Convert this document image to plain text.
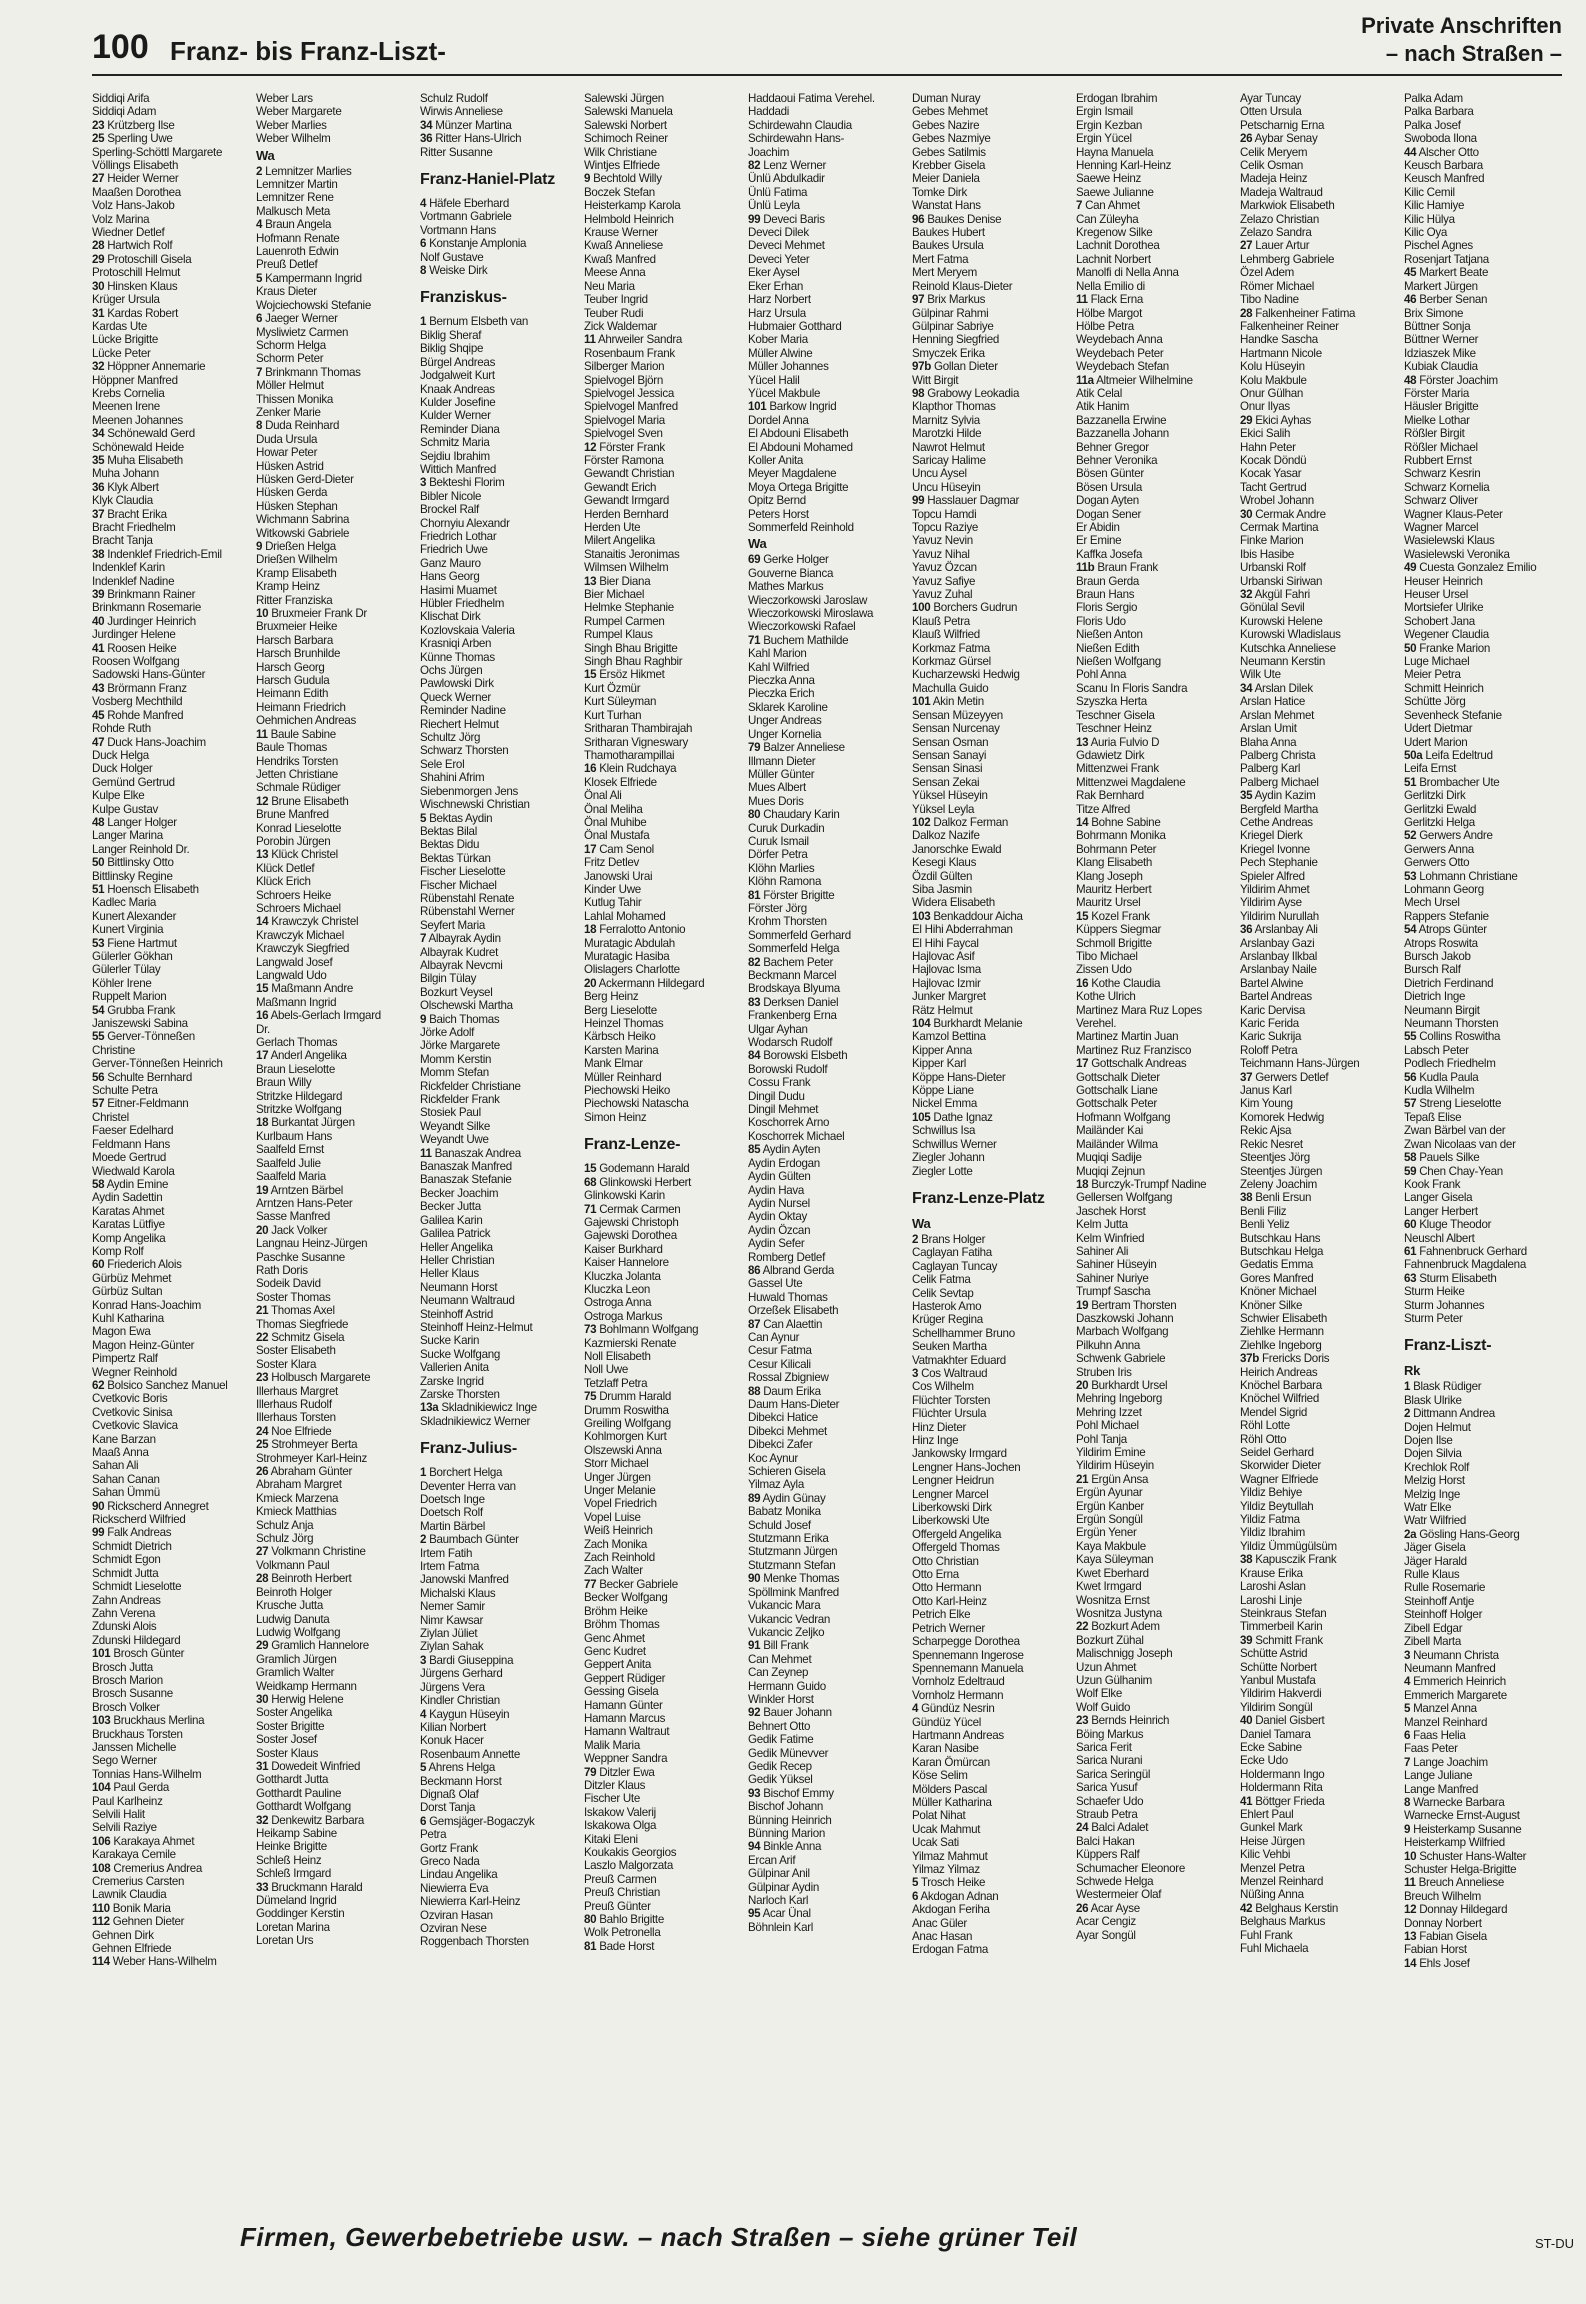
100 Franz- bis Franz-Liszt-
Private Anschriften
– nach Straßen –
Siddiqi Arifa
Siddiqi Adam
23 Krützberg Ilse
25 Sperling Uwe
Sperling-Schöttl Margarete
Völlings Elisabeth
27 Heider Werner
Maaßen Dorothea
Volz Hans-Jakob
Volz Marina
Wiedner Detlef
28 Hartwich Rolf
29 Protoschill Gisela
Protoschill Helmut
30 Hinsken Klaus
Krüger Ursula
31 Kardas Robert
Kardas Ute
Lücke Brigitte
Lücke Peter
32 Höppner Annemarie
Höppner Manfred
Krebs Cornelia
Meenen Irene
Meenen Johannes
34 Schönewald Gerd
Schönewald Heide
35 Muha Elisabeth
Muha Johann
36 Klyk Albert
Klyk Claudia
37 Bracht Erika
Bracht Friedhelm
Bracht Tanja
38 Indenklef Friedrich-Emil
Indenklef Karin
Indenklef Nadine
39 Brinkmann Rainer
Brinkmann Rosemarie
40 Jurdinger Heinrich
Jurdinger Helene
41 Roosen Heike
Roosen Wolfgang
Sadowski Hans-Günter
43 Brörmann Franz
Vosberg Mechthild
45 Rohde Manfred
Rohde Ruth
47 Duck Hans-Joachim
Duck Helga
Duck Holger
Gemünd Gertrud
Kulpe Elke
Kulpe Gustav
48 Langer Holger
Langer Marina
Langer Reinhold Dr.
50 Bittlinsky Otto
Bittlinsky Regine
51 Hoensch Elisabeth
Kadlec Maria
Kunert Alexander
Kunert Virginia
53 Fiene Hartmut
Gülerler Gökhan
Gülerler Tülay
Köhler Irene
Ruppelt Marion
54 Grubba Frank
Janiszewski Sabina
55 Gerver-Tönneßen
Christine
Gerver-Tönneßen Heinrich
56 Schulte Bernhard
Schulte Petra
57 Eitner-Feldmann
Christel
Faeser Edelhard
Feldmann Hans
Moede Gertrud
Wiedwald Karola
58 Aydin Emine
Aydin Sadettin
Karatas Ahmet
Karatas Lütfiye
Komp Angelika
Komp Rolf
60 Friederich Alois
Gürbüz Mehmet
Gürbüz Sultan
Konrad Hans-Joachim
Kuhl Katharina
Magon Ewa
Magon Heinz-Günter
Pimpertz Ralf
Wegner Reinhold
62 Bolsico Sanchez Manuel
Cvetkovic Boris
Cvetkovic Sinisa
Cvetkovic Slavica
Kane Barzan
Maaß Anna
Sahan Ali
Sahan Canan
Sahan Ümmü
90 Rickscherd Annegret
Rickscherd Wilfried
99 Falk Andreas
Schmidt Dietrich
Schmidt Egon
Schmidt Jutta
Schmidt Lieselotte
Zahn Andreas
Zahn Verena
Zdunski Alois
Zdunski Hildegard
101 Brosch Günter
Brosch Jutta
Brosch Marion
Brosch Susanne
Brosch Volker
103 Bruckhaus Merlina
Bruckhaus Torsten
Janssen Michelle
Sego Werner
Tonnias Hans-Wilhelm
104 Paul Gerda
Paul Karlheinz
Selvili Halit
Selvili Raziye
106 Karakaya Ahmet
Karakaya Cemile
108 Cremerius Andrea
Cremerius Carsten
Lawnik Claudia
110 Bonik Maria
112 Gehnen Dieter
Gehnen Dirk
Gehnen Elfriede
114 Weber Hans-Wilhelm
Weber Lars
Weber Margarete
Weber Marlies
Weber Wilhelm
Wa
2 Lemnitzer Marlies
Lemnitzer Martin
Lemnitzer Rene
Malkusch Meta
4 Braun Angela
Hofmann Renate
Lauenroth Edwin
Preuß Detlef
5 Kampermann Ingrid
Kraus Dieter
Wojciechowski Stefanie
6 Jaeger Werner
Mysliwietz Carmen
Schorm Helga
Schorm Peter
7 Brinkmann Thomas
Möller Helmut
Thissen Monika
Zenker Marie
8 Duda Reinhard
Duda Ursula
Howar Peter
Hüsken Astrid
Hüsken Gerd-Dieter
Hüsken Gerda
Hüsken Stephan
Wichmann Sabrina
Witkowski Gabriele
9 Drießen Helga
Drießen Wilhelm
Kramp Elisabeth
Kramp Heinz
Ritter Franziska
10 Bruxmeier Frank Dr
Bruxmeier Heike
Harsch Barbara
Harsch Brunhilde
Harsch Georg
Harsch Gudula
Heimann Edith
Heimann Friedrich
Oehmichen Andreas
11 Baule Sabine
Baule Thomas
Hendriks Torsten
Jetten Christiane
Schmale Rüdiger
12 Brune Elisabeth
Brune Manfred
Konrad Lieselotte
Porobin Jürgen
13 Klück Christel
Klück Detlef
Klück Erich
Schroers Heike
Schroers Michael
14 Krawczyk Christel
Krawczyk Michael
Krawczyk Siegfried
Langwald Josef
Langwald Udo
15 Maßmann Andre
Maßmann Ingrid
16 Abels-Gerlach Irmgard
Dr.
Gerlach Thomas
17 Anderl Angelika
Braun Lieselotte
Braun Willy
Stritzke Hildegard
Stritzke Wolfgang
18 Burkantat Jürgen
Kurlbaum Hans
Saalfeld Ernst
Saalfeld Julie
Saalfeld Maria
19 Arntzen Bärbel
Arntzen Hans-Peter
Sasse Manfred
20 Jack Volker
Langnau Heinz-Jürgen
Paschke Susanne
Rath Doris
Sodeik David
Soster Thomas
21 Thomas Axel
Thomas Siegfriede
22 Schmitz Gisela
Soster Elisabeth
Soster Klara
23 Holbusch Margarete
Illerhaus Margret
Illerhaus Rudolf
Illerhaus Torsten
24 Noe Elfriede
25 Strohmeyer Berta
Strohmeyer Karl-Heinz
26 Abraham Günter
Abraham Margret
Kmieck Marzena
Kmieck Matthias
Schulz Anja
Schulz Jörg
27 Volkmann Christine
Volkmann Paul
28 Beinroth Herbert
Beinroth Holger
Krusche Jutta
Ludwig Danuta
Ludwig Wolfgang
29 Gramlich Hannelore
Gramlich Jürgen
Gramlich Walter
Weidkamp Hermann
30 Herwig Helene
Soster Angelika
Soster Brigitte
Soster Josef
Soster Klaus
31 Dowedeit Winfried
Gotthardt Jutta
Gotthardt Pauline
Gotthardt Wolfgang
32 Denkewitz Barbara
Heikamp Sabine
Heinke Brigitte
Schleß Heinz
Schleß Irmgard
33 Bruckmann Harald
Dümeland Ingrid
Goddinger Kerstin
Loretan Marina
Loretan Urs
Schulz Rudolf
Wirwis Anneliese
34 Münzer Martina
36 Ritter Hans-Ulrich
Ritter Susanne
Franz-Haniel-Platz
4 Häfele Eberhard
Vortmann Gabriele
Vortmann Hans
6 Konstanje Amplonia
Nolf Gustave
8 Weiske Dirk
Franziskus-
1 Bernum Elsbeth van
Biklig Sheraf
Biklig Shqipe
Bürgel Andreas
Jodgalweit Kurt
Knaak Andreas
Kulder Josefine
Kulder Werner
Reminder Diana
Schmitz Maria
Sejdiu Ibrahim
Wittich Manfred
3 Bekteshi Florim
Bibler Nicole
Brockel Ralf
Chornyiu Alexandr
Friedrich Lothar
Friedrich Uwe
Ganz Mauro
Hans Georg
Hasimi Muamet
Hübler Friedhelm
Klischat Dirk
Kozlovskaia Valeria
Krasniqi Arben
Künne Thomas
Ochs Jürgen
Pawlowski Dirk
Queck Werner
Reminder Nadine
Riechert Helmut
Schultz Jörg
Schwarz Thorsten
Sele Erol
Shahini Afrim
Siebenmorgen Jens
Wischnewski Christian
5 Bektas Aydin
Bektas Bilal
Bektas Didu
Bektas Türkan
Fischer Lieselotte
Fischer Michael
Rübenstahl Renate
Rübenstahl Werner
Seyfert Maria
7 Albayrak Aydin
Albayrak Kudret
Albayrak Nevcmi
Bilgin Tülay
Bozkurt Veysel
Olschewski Martha
9 Baich Thomas
Jörke Adolf
Jörke Margarete
Momm Kerstin
Momm Stefan
Rickfelder Christiane
Rickfelder Frank
Stosiek Paul
Weyandt Silke
Weyandt Uwe
11 Banaszak Andrea
Banaszak Manfred
Banaszak Stefanie
Becker Joachim
Becker Jutta
Galilea Karin
Galilea Patrick
Heller Angelika
Heller Christian
Heller Klaus
Neumann Horst
Neumann Waltraud
Steinhoff Astrid
Steinhoff Heinz-Helmut
Sucke Karin
Sucke Wolfgang
Vallerien Anita
Zarske Ingrid
Zarske Thorsten
13a Skladnikiewicz Inge
Skladnikiewicz Werner
Franz-Julius-
1 Borchert Helga
Deventer Herra van
Doetsch Inge
Doetsch Rolf
Martin Bärbel
2 Baumbach Günter
Irtem Fatih
Irtem Fatma
Janowski Manfred
Michalski Klaus
Nemer Samir
Nimr Kawsar
Ziylan Jüliet
Ziylan Sahak
3 Bardi Giuseppina
Jürgens Gerhard
Jürgens Vera
Kindler Christian
4 Kaygun Hüseyin
Kilian Norbert
Konuk Hacer
Rosenbaum Annette
5 Ahrens Helga
Beckmann Horst
Dignaß Olaf
Dorst Tanja
6 Gemsjäger-Bogaczyk
Petra
Gortz Frank
Greco Nada
Lindau Angelika
Niewierra Eva
Niewierra Karl-Heinz
Ozviran Hasan
Ozviran Nese
Roggenbach Thorsten
Salewski Jürgen
Salewski Manuela
Salewski Norbert
Schimoch Reiner
Wilk Christiane
Wintjes Elfriede
9 Bechtold Willy
Boczek Stefan
Heisterkamp Karola
Helmbold Heinrich
Krause Werner
Kwaß Anneliese
Kwaß Manfred
Meese Anna
Neu Maria
Teuber Ingrid
Teuber Rudi
Zick Waldemar
11 Ahrweiler Sandra
Rosenbaum Frank
Silberger Marion
Spielvogel Björn
Spielvogel Jessica
Spielvogel Manfred
Spielvogel Maria
Spielvogel Sven
12 Förster Frank
Förster Ramona
Gewandt Christian
Gewandt Erich
Gewandt Irmgard
Herden Bernhard
Herden Ute
Milert Angelika
Stanaitis Jeronimas
Wilmsen Wilhelm
13 Bier Diana
Bier Michael
Helmke Stephanie
Rumpel Carmen
Rumpel Klaus
Singh Bhau Brigitte
Singh Bhau Raghbir
15 Ersöz Hikmet
Kurt Özmür
Kurt Süleyman
Kurt Turhan
Sritharan Thambirajah
Sritharan Vigneswary
Thamotharampillai
16 Klein Rudchaya
Klosek Elfriede
Önal Ali
Önal Meliha
Önal Muhibe
Önal Mustafa
17 Cam Senol
Fritz Detlev
Janowski Urai
Kinder Uwe
Kutlug Tahir
Lahlal Mohamed
18 Ferralotto Antonio
Muratagic Abdulah
Muratagic Hasiba
Olislagers Charlotte
20 Ackermann Hildegard
Berg Heinz
Berg Lieselotte
Heinzel Thomas
Kärbsch Heiko
Karsten Marina
Mank Elmar
Müller Reinhard
Piechowski Heiko
Piechowski Natascha
Simon Heinz
Franz-Lenze-
15 Godemann Harald
68 Glinkowski Herbert
Glinkowski Karin
71 Cermak Carmen
Gajewski Christoph
Gajewski Dorothea
Kaiser Burkhard
Kaiser Hannelore
Kluczka Jolanta
Kluczka Leon
Ostroga Anna
Ostroga Markus
73 Bohlmann Wolfgang
Kazmierski Renate
Noll Elisabeth
Noll Uwe
Tetzlaff Petra
75 Drumm Harald
Drumm Roswitha
Greiling Wolfgang
Kohlmorgen Kurt
Olszewski Anna
Storr Michael
Unger Jürgen
Unger Melanie
Vopel Friedrich
Vopel Luise
Weiß Heinrich
Zach Monika
Zach Reinhold
Zach Walter
77 Becker Gabriele
Becker Wolfgang
Bröhm Heike
Bröhm Thomas
Genc Ahmet
Genc Kudret
Geppert Anita
Geppert Rüdiger
Gessing Gisela
Hamann Günter
Hamann Marcus
Hamann Waltraut
Malik Maria
Weppner Sandra
79 Ditzler Ewa
Ditzler Klaus
Fischer Ute
Iskakow Valerij
Iskakowa Olga
Kitaki Eleni
Koukakis Georgios
Laszlo Malgorzata
Preuß Carmen
Preuß Christian
Preuß Günter
80 Bahlo Brigitte
Wolk Petronella
81 Bade Horst
Haddaoui Fatima Verehel.
Haddadi
Schirdewahn Claudia
Schirdewahn Hans-
Joachim
82 Lenz Werner
Ünlü Abdulkadir
Ünlü Fatima
Ünlü Leyla
99 Deveci Baris
Deveci Dilek
Deveci Mehmet
Deveci Yeter
Eker Aysel
Eker Erhan
Harz Norbert
Harz Ursula
Hubmaier Gotthard
Kober Maria
Müller Alwine
Müller Johannes
Yücel Halil
Yücel Makbule
101 Barkow Ingrid
Dordel Anna
El Abdouni Elisabeth
El Abdouni Mohamed
Koller Anita
Meyer Magdalene
Moya Ortega Brigitte
Opitz Bernd
Peters Horst
Sommerfeld Reinhold
Wa
69 Gerke Holger
Gouverne Bianca
Mathes Markus
Wieczorkowski Jaroslaw
Wieczorkowski Miroslawa
Wieczorkowski Rafael
71 Buchem Mathilde
Kahl Marion
Kahl Wilfried
Pieczka Anna
Pieczka Erich
Sklarek Karoline
Unger Andreas
Unger Kornelia
79 Balzer Anneliese
Illmann Dieter
Müller Günter
Mues Albert
Mues Doris
80 Chaudary Karin
Curuk Durkadin
Curuk Ismail
Dörfer Petra
Klöhn Marlies
Klöhn Ramona
81 Förster Brigitte
Förster Jörg
Krohm Thorsten
Sommerfeld Gerhard
Sommerfeld Helga
82 Bachem Peter
Beckmann Marcel
Brodskaya Blyuma
83 Derksen Daniel
Frankenberg Erna
Ulgar Ayhan
Wodarsch Rudolf
84 Borowski Elsbeth
Borowski Rudolf
Cossu Frank
Dingil Dudu
Dingil Mehmet
Koschorrek Arno
Koschorrek Michael
85 Aydin Ayten
Aydin Erdogan
Aydin Gülten
Aydin Hava
Aydin Nursel
Aydin Oktay
Aydin Özcan
Aydin Sefer
Romberg Detlef
86 Albrand Gerda
Gassel Ute
Huwald Thomas
Orzeßek Elisabeth
87 Can Alaettin
Can Aynur
Cesur Fatma
Cesur Kilicali
Rossal Zbigniew
88 Daum Erika
Daum Hans-Dieter
Dibekci Hatice
Dibekci Mehmet
Dibekci Zafer
Koc Aynur
Schieren Gisela
Yilmaz Ayla
89 Aydin Günay
Babatz Monika
Schuld Josef
Stutzmann Erika
Stutzmann Jürgen
Stutzmann Stefan
90 Menke Thomas
Spöllmink Manfred
Vukancic Mara
Vukancic Vedran
Vukancic Zeljko
91 Bill Frank
Can Mehmet
Can Zeynep
Hermann Guido
Winkler Horst
92 Bauer Johann
Behnert Otto
Gedik Fatime
Gedik Münevver
Gedik Recep
Gedik Yüksel
93 Bischof Emmy
Bischof Johann
Bünning Heinrich
Bünning Marion
94 Binkle Anna
Ercan Arif
Gülpinar Anil
Gülpinar Aydin
Narloch Karl
95 Acar Ünal
Böhnlein Karl
Duman Nuray
Gebes Mehmet
Gebes Nazire
Gebes Nazmiye
Gebes Satilmis
Krebber Gisela
Meier Daniela
Tomke Dirk
Wanstat Hans
96 Baukes Denise
Baukes Hubert
Baukes Ursula
Mert Fatma
Mert Meryem
Reinold Klaus-Dieter
97 Brix Markus
Gülpinar Rahmi
Gülpinar Sabriye
Henning Siegfried
Smyczek Erika
97b Gollan Dieter
Witt Birgit
98 Grabowy Leokadia
Klapthor Thomas
Marnitz Sylvia
Marotzki Hilde
Nawrot Helmut
Saricay Halime
Uncu Aysel
Uncu Hüseyin
99 Hasslauer Dagmar
Topcu Hamdi
Topcu Raziye
Yavuz Nevin
Yavuz Nihal
Yavuz Özcan
Yavuz Safiye
Yavuz Zuhal
100 Borchers Gudrun
Klauß Petra
Klauß Wilfried
Korkmaz Fatma
Korkmaz Gürsel
Kucharzewski Hedwig
Machulla Guido
101 Akin Metin
Sensan Müzeyyen
Sensan Nurcenay
Sensan Osman
Sensan Sanayi
Sensan Sinasi
Sensan Zekai
Yüksel Hüseyin
Yüksel Leyla
102 Dalkoz Ferman
Dalkoz Nazife
Janorschke Ewald
Kesegi Klaus
Özdil Gülten
Siba Jasmin
Widera Elisabeth
103 Benkaddour Aicha
El Hihi Abderrahman
El Hihi Faycal
Hajlovac Asif
Hajlovac Isma
Hajlovac Izmir
Junker Margret
Rätz Helmut
104 Burkhardt Melanie
Kamzol Bettina
Kipper Anna
Kipper Karl
Köppe Hans-Dieter
Köppe Liane
Nickel Emma
105 Dathe Ignaz
Schwillus Isa
Schwillus Werner
Ziegler Johann
Ziegler Lotte
Franz-Lenze-Platz
Wa
2 Brans Holger
Caglayan Fatiha
Caglayan Tuncay
Celik Fatma
Celik Sevtap
Hasterok Amo
Krüger Regina
Schellhammer Bruno
Seuken Martha
Vatmakhter Eduard
3 Cos Waltraud
Cos Wilhelm
Flüchter Torsten
Flüchter Ursula
Hinz Dieter
Hinz Inge
Jankowsky Irmgard
Lengner Hans-Jochen
Lengner Heidrun
Lengner Marcel
Liberkowski Dirk
Liberkowski Ute
Offergeld Angelika
Offergeld Thomas
Otto Christian
Otto Erna
Otto Hermann
Otto Karl-Heinz
Petrich Elke
Petrich Werner
Scharpegge Dorothea
Spennemann Ingerose
Spennemann Manuela
Vornholz Edeltraud
Vornholz Hermann
4 Gündüz Nesrin
Gündüz Yücel
Hartmann Andreas
Karan Nasibe
Karan Ömürcan
Köse Selim
Mölders Pascal
Müller Katharina
Polat Nihat
Ucak Mahmut
Ucak Sati
Yilmaz Mahmut
Yilmaz Yilmaz
5 Trosch Heike
6 Akdogan Adnan
Akdogan Feriha
Anac Güler
Anac Hasan
Erdogan Fatma
Erdogan Ibrahim
Ergin Ismail
Ergin Kezban
Ergin Yücel
Hayna Manuela
Henning Karl-Heinz
Saewe Heinz
Saewe Julianne
7 Can Ahmet
Can Züleyha
Kregenow Silke
Lachnit Dorothea
Lachnit Norbert
Manolfi di Nella Anna
Nella Emilio di
11 Flack Erna
Hölbe Margot
Hölbe Petra
Weydebach Anna
Weydebach Peter
Weydebach Stefan
11a Altmeier Wilhelmine
Atik Celal
Atik Hanim
Bazzanella Erwine
Bazzanella Johann
Behner Gregor
Behner Veronika
Bösen Günter
Bösen Ursula
Dogan Ayten
Dogan Sener
Er Abidin
Er Emine
Kaffka Josefa
11b Braun Frank
Braun Gerda
Braun Hans
Floris Sergio
Floris Udo
Nießen Anton
Nießen Edith
Nießen Wolfgang
Pohl Anna
Scanu In Floris Sandra
Szyszka Herta
Teschner Gisela
Teschner Heinz
13 Auria Fulvio D
Gdawietz Dirk
Mittenzwei Frank
Mittenzwei Magdalene
Rak Bernhard
Titze Alfred
14 Bohne Sabine
Bohrmann Monika
Bohrmann Peter
Klang Elisabeth
Klang Joseph
Mauritz Herbert
Mauritz Ursel
15 Kozel Frank
Küppers Siegmar
Schmoll Brigitte
Tibo Michael
Zissen Udo
16 Kothe Claudia
Kothe Ulrich
Martinez Mara Ruz Lopes
Verehel.
Martinez Martin Juan
Martinez Ruz Franzisco
17 Gottschalk Andreas
Gottschalk Dieter
Gottschalk Liane
Gottschalk Peter
Hofmann Wolfgang
Mailänder Kai
Mailänder Wilma
Muqiqi Sadije
Muqiqi Zejnun
18 Burczyk-Trumpf Nadine
Gellersen Wolfgang
Jaschek Horst
Kelm Jutta
Kelm Winfried
Sahiner Ali
Sahiner Hüseyin
Sahiner Nuriye
Trumpf Sascha
19 Bertram Thorsten
Daszkowski Johann
Marbach Wolfgang
Pilkuhn Anna
Schwenk Gabriele
Struben Iris
20 Burkhardt Ursel
Mehring Ingeborg
Mehring Izzet
Pohl Michael
Pohl Tanja
Yildirim Emine
Yildirim Hüseyin
21 Ergün Ansa
Ergün Ayunar
Ergün Kanber
Ergün Songül
Ergün Yener
Kaya Makbule
Kaya Süleyman
Kwet Eberhard
Kwet Irmgard
Wosnitza Ernst
Wosnitza Justyna
22 Bozkurt Adem
Bozkurt Zühal
Malischnigg Joseph
Uzun Ahmet
Uzun Gülhanim
Wolf Elke
Wolf Guido
23 Bernds Heinrich
Böing Markus
Sarica Ferit
Sarica Nurani
Sarica Seringül
Sarica Yusuf
Schaefer Udo
Straub Petra
24 Balci Adalet
Balci Hakan
Küppers Ralf
Schumacher Eleonore
Schwede Helga
Westermeier Olaf
26 Acar Ayse
Acar Cengiz
Ayar Songül
Ayar Tuncay
Otten Ursula
Petscharnig Erna
26 Aybar Senay
Celik Meryem
Celik Osman
Madeja Heinz
Madeja Waltraud
Markwiok Elisabeth
Zelazo Christian
Zelazo Sandra
27 Lauer Artur
Lehmberg Gabriele
Özel Adem
Römer Michael
Tibo Nadine
28 Falkenheiner Fatima
Falkenheiner Reiner
Handke Sascha
Hartmann Nicole
Kolu Hüseyin
Kolu Makbule
Onur Gülhan
Onur Ilyas
29 Ekici Ayhas
Ekici Salih
Hahn Peter
Kocak Döndü
Kocak Yasar
Tacht Gertrud
Wrobel Johann
30 Cermak Andre
Cermak Martina
Finke Marion
Ibis Hasibe
Urbanski Rolf
Urbanski Siriwan
32 Akgül Fahri
Gönülal Sevil
Kurowski Helene
Kurowski Wladislaus
Kutschka Anneliese
Neumann Kerstin
Wilk Ute
34 Arslan Dilek
Arslan Hatice
Arslan Mehmet
Arslan Umit
Blaha Anna
Palberg Christa
Palberg Karl
Palberg Michael
35 Aydin Kazim
Bergfeld Martha
Cethe Andreas
Kriegel Dierk
Kriegel Ivonne
Pech Stephanie
Spieler Alfred
Yildirim Ahmet
Yildirim Ayse
Yildirim Nurullah
36 Arslanbay Ali
Arslanbay Gazi
Arslanbay Ilkbal
Arslanbay Naile
Bartel Alwine
Bartel Andreas
Karic Dervisa
Karic Ferida
Karic Sukrija
Roloff Petra
Teichmann Hans-Jürgen
37 Gerwers Detlef
Janus Karl
Kim Young
Komorek Hedwig
Rekic Ajsa
Rekic Nesret
Steentjes Jörg
Steentjes Jürgen
Zeleny Joachim
38 Benli Ersun
Benli Filiz
Benli Yeliz
Butschkau Hans
Butschkau Helga
Gedatis Emma
Gores Manfred
Knöner Michael
Knöner Silke
Schwier Elisabeth
Ziehlke Hermann
Ziehlke Ingeborg
37b Frericks Doris
Heirich Andreas
Knöchel Barbara
Knöchel Wilfried
Mendel Sigrid
Röhl Lotte
Röhl Otto
Seidel Gerhard
Skorwider Dieter
Wagner Elfriede
Yildiz Behiye
Yildiz Beytullah
Yildiz Fatma
Yildiz Ibrahim
Yildiz Ümmügülsüm
38 Kapusczik Frank
Krause Erika
Laroshi Aslan
Laroshi Linje
Steinkraus Stefan
Timmerbeil Karin
39 Schmitt Frank
Schütte Astrid
Schütte Norbert
Yanbul Mustafa
Yildirim Hakverdi
Yildirim Songül
40 Daniel Gisbert
Daniel Tamara
Ecke Sabine
Ecke Udo
Holdermann Ingo
Holdermann Rita
41 Böttger Frieda
Ehlert Paul
Gunkel Mark
Heise Jürgen
Kilic Vehbi
Menzel Petra
Menzel Reinhard
Nüßing Anna
42 Belghaus Kerstin
Belghaus Markus
Fuhl Frank
Fuhl Michaela
Palka Adam
Palka Barbara
Palka Josef
Swoboda Ilona
44 Alscher Otto
Keusch Barbara
Keusch Manfred
Kilic Cemil
Kilic Hamiye
Kilic Hülya
Kilic Oya
Pischel Agnes
Rosenjart Tatjana
45 Markert Beate
Markert Jürgen
46 Berber Senan
Brix Simone
Büttner Sonja
Büttner Werner
Idziaszek Mike
Kubiak Claudia
48 Förster Joachim
Förster Maria
Häusler Brigitte
Mielke Lothar
Rößler Birgit
Rößler Michael
Rubbert Ernst
Schwarz Kesrin
Schwarz Kornelia
Schwarz Oliver
Wagner Klaus-Peter
Wagner Marcel
Wasielewski Klaus
Wasielewski Veronika
49 Cuesta Gonzalez Emilio
Heuser Heinrich
Heuser Ursel
Mortsiefer Ulrike
Schobert Jana
Wegener Claudia
50 Franke Marion
Luge Michael
Meier Petra
Schmitt Heinrich
Schütte Jörg
Sevenheck Stefanie
Udert Dietmar
Udert Marion
50a Leifa Edeltrud
Leifa Ernst
51 Brombacher Ute
Gerlitzki Dirk
Gerlitzki Ewald
Gerlitzki Helga
52 Gerwers Andre
Gerwers Anna
Gerwers Otto
53 Lohmann Christiane
Lohmann Georg
Mech Ursel
Rappers Stefanie
54 Atrops Günter
Atrops Roswita
Bursch Jakob
Bursch Ralf
Dietrich Ferdinand
Dietrich Inge
Neumann Birgit
Neumann Thorsten
55 Collins Roswitha
Labsch Peter
Podlech Friedhelm
56 Kudla Paula
Kudla Wilhelm
57 Streng Lieselotte
Tepaß Elise
Zwan Bärbel van der
Zwan Nicolaas van der
58 Pauels Silke
59 Chen Chay-Yean
Kook Frank
Langer Gisela
Langer Herbert
60 Kluge Theodor
Neuschl Albert
61 Fahnenbruck Gerhard
Fahnenbruck Magdalena
63 Sturm Elisabeth
Sturm Heike
Sturm Johannes
Sturm Peter
Franz-Liszt-
Rk
1 Blask Rüdiger
Blask Ulrike
2 Dittmann Andrea
Dojen Helmut
Dojen Ilse
Dojen Silvia
Krechlok Rolf
Melzig Horst
Melzig Inge
Watr Elke
Watr Wilfried
2a Gösling Hans-Georg
Jäger Gisela
Jäger Harald
Rulle Klaus
Rulle Rosemarie
Steinhoff Antje
Steinhoff Holger
Zibell Edgar
Zibell Marta
3 Neumann Christa
Neumann Manfred
4 Emmerich Heinrich
Emmerich Margarete
5 Manzel Anna
Manzel Reinhard
6 Faas Helia
Faas Peter
7 Lange Joachim
Lange Juliane
Lange Manfred
8 Warnecke Barbara
Warnecke Ernst-August
9 Heisterkamp Susanne
Heisterkamp Wilfried
10 Schuster Hans-Walter
Schuster Helga-Brigitte
11 Breuch Anneliese
Breuch Wilhelm
12 Donnay Hildegard
Donnay Norbert
13 Fabian Gisela
Fabian Horst
14 Ehls Josef
Firmen, Gewerbebetriebe usw. – nach Straßen – siehe grüner Teil	ST-DU
